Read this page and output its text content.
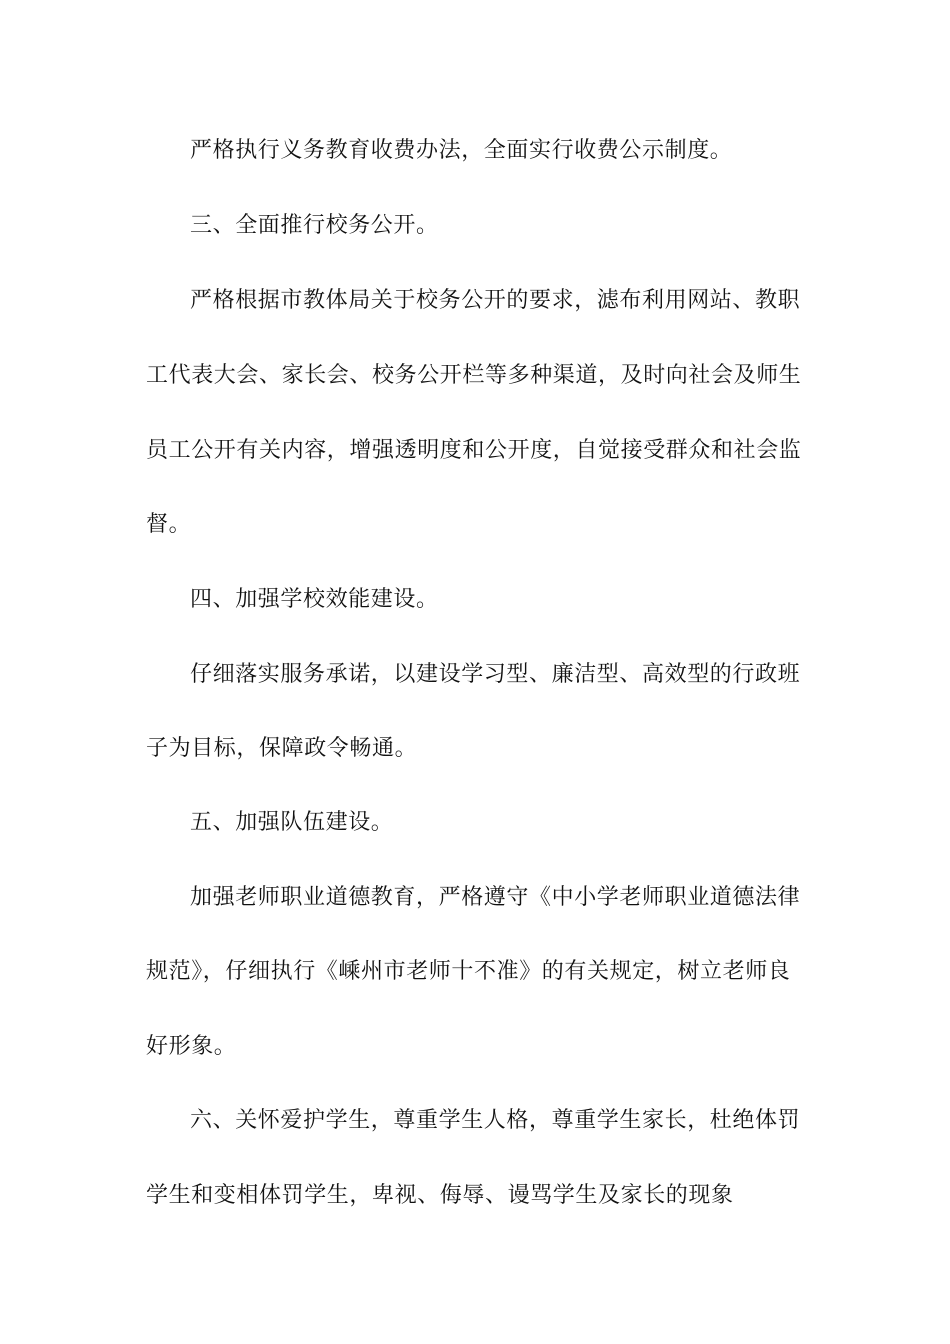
严格执行义务教育收费办法，全面实行收费公示制度。
三、全面推行校务公开。
严格根据市教体局关于校务公开的要求，滤布利用网站、教职
工代表大会、家长会、校务公开栏等多种渠道，及时向社会及师生
员工公开有关内容，增强透明度和公开度，自觉接受群众和社会监
督。
四、加强学校效能建设。
仔细落实服务承诺，以建设学习型、廉洁型、高效型的行政班
子为目标，保障政令畅通。
五、加强队伍建设。
加强老师职业道德教育，严格遵守《中小学老师职业道德法律
规范》，仔细执行《嵊州市老师十不准》的有关规定，树立老师良
好形象。
六、关怀爱护学生，尊重学生人格，尊重学生家长，杜绝体罚
学生和变相体罚学生，卑视、侮辱、谩骂学生及家长的现象
